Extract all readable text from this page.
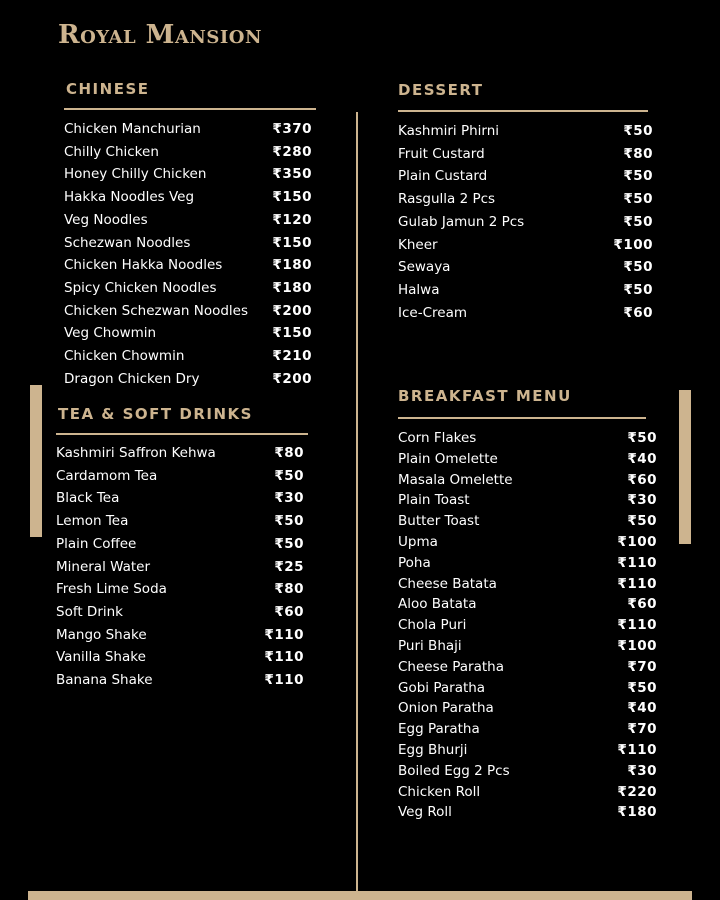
Royal Mansion
CHINESE
Chicken Manchurian	₹370
Chilly Chicken	₹280
Honey Chilly Chicken	₹350
Hakka Noodles Veg	₹150
Veg Noodles	₹120
Schezwan Noodles	₹150
Chicken Hakka Noodles	₹180
Spicy Chicken Noodles	₹180
Chicken Schezwan Noodles ₹200
Veg Chowmin	₹150
Chicken Chowmin	₹210
Dragon Chicken Dry	₹200
TEA & SOFT DRINKS
Kashmiri Saffron Kehwa	₹80
Cardamom Tea	₹50
Black Tea	₹30
Lemon Tea	₹50
Plain Coffee	₹50
Mineral Water	₹25
Fresh Lime Soda	₹80
Soft Drink	₹60
Mango Shake	₹110
Vanilla Shake	₹110
Banana Shake	₹110
DESSERT
Kashmiri Phirni	₹50
Fruit Custard	₹80
Plain Custard	₹50
Rasgulla 2 Pcs	₹50
Gulab Jamun 2 Pcs	₹50
Kheer	₹100
Sewaya	₹50
Halwa	₹50
Ice-Cream	₹60
BREAKFAST MENU
Corn Flakes	₹50
Plain Omelette	₹40
Masala Omelette	₹60
Plain Toast	₹30
Butter Toast	₹50
Upma	₹100
Poha	₹110
Cheese Batata	₹110
Aloo Batata	₹60
Chola Puri	₹110
Puri Bhaji	₹100
Cheese Paratha	₹70
Gobi Paratha	₹50
Onion Paratha	₹40
Egg Paratha	₹70
Egg Bhurji	₹110
Boiled Egg 2 Pcs	₹30
Chicken Roll	₹220
Veg Roll	₹180
